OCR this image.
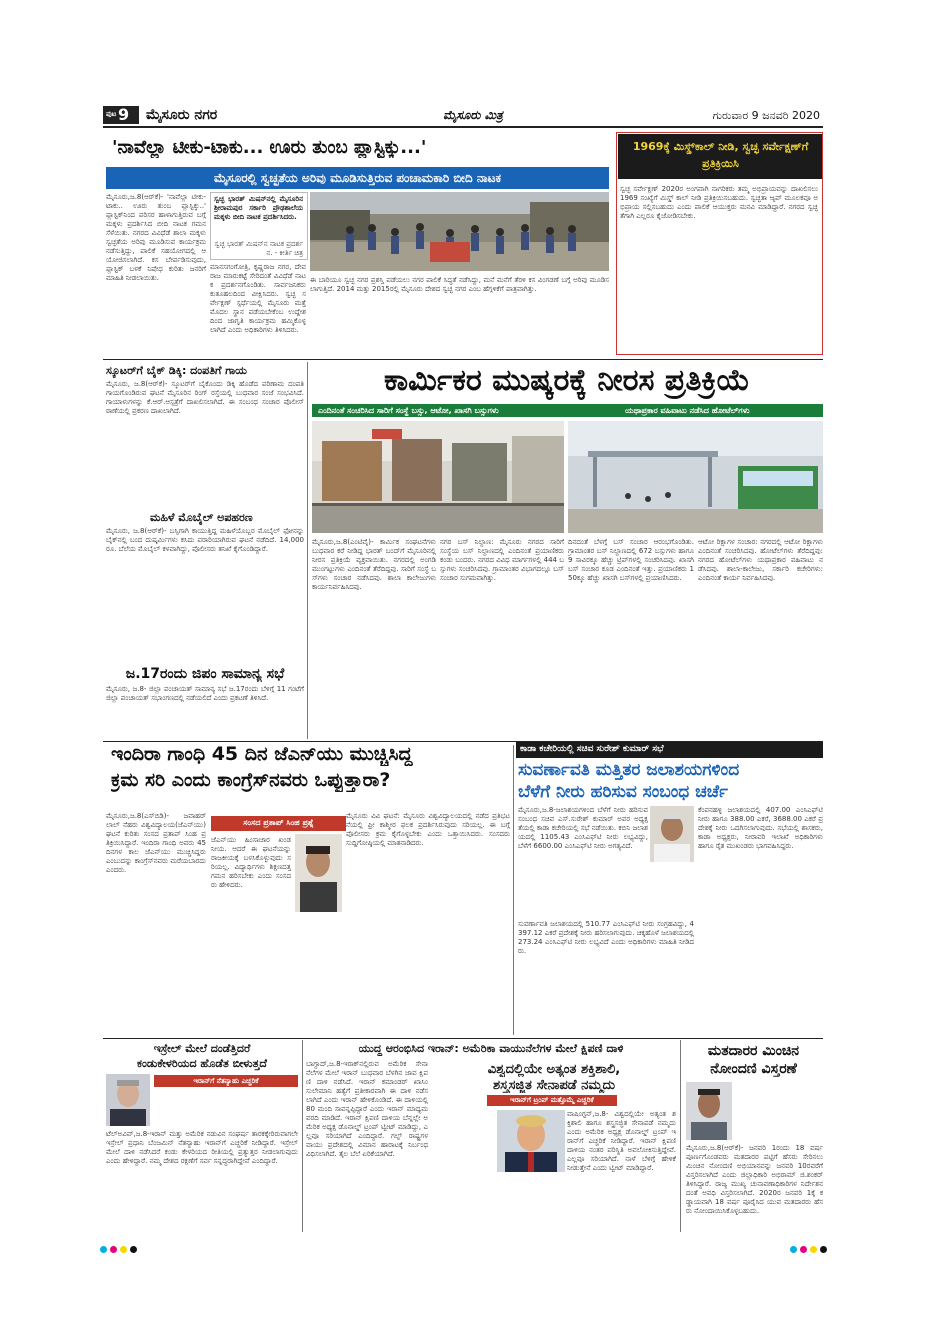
ಪುಟ 9 ಮೈಸೂರು ನಗರ	ಮೈಸೂರು ಮಿತ್ರ	ಗುರುವಾರ 9 ಜನವರಿ 2020
'ನಾವೆಲ್ಲಾ ಟೀಕು-ಟಾಕು... ಊರು ತುಂಬ ಪ್ಲಾಸ್ಟಿಕ್ಕು...'
ಮೈಸೂರಲ್ಲಿ ಸ್ವಚ್ಛತೆಯ ಅರಿವು ಮೂಡಿಸುತ್ತಿರುವ ಪಂಚಾಮಕಾರಿ ಬೀದಿ ನಾಟಕ
ಮೈಸೂರು,ಜ.8(ಆರ್‌ಕೆ)- 'ನಾವೆಲ್ಲಾ ಟೀಕು-ಟಾಕು.. ಊರು ತುಂಬ ಪ್ಲಾಸ್ಟಿಕ್ಕು..' ಪ್ಲಾಸ್ಟಿಕ್‌ನಿಂದ ಪರಿಸರ ಹಾಳಾಗುತ್ತಿರುವ ಬಗ್ಗೆ ಮಕ್ಕಳು ಪ್ರದರ್ಶಿಸಿದ ಬೀದಿ ನಾಟಕ ಗಮನ ಸೆಳೆಯಿತು. ನಗರದ ವಿವಿಧೆಡೆ ಶಾಲಾ ಮಕ್ಕಳು ಸ್ವಚ್ಛತೆಯ ಅರಿವು ಮೂಡಿಸುವ ಕಾರ್ಯಕ್ರಮ ನಡೆಸುತ್ತಿದ್ದು, ಪಾಲಿಕೆ ಸಹಯೋಗದಲ್ಲಿ ಆಯೋಜಿಸಲಾಗಿದೆ. ಕಸ ಬೇರ್ಪಡಿಸುವುದು, ಪ್ಲಾಸ್ಟಿಕ್ ಬಳಕೆ ನಿಷೇಧ ಕುರಿತು ಜನರಿಗೆ ಮಾಹಿತಿ ನೀಡಲಾಯಿತು.
ಸ್ವಚ್ಛ ಭಾರತ್ ಮಿಷನ್‌ನಲ್ಲಿ ಮೈಸೂರಿನ ಶ್ರೀರಾಮಪುರ ಸರ್ಕಾರಿ ಪ್ರೌಢಶಾಲೆಯ ಮಕ್ಕಳು ಬೀದಿ ನಾಟಕ ಪ್ರದರ್ಶಿಸಿದರು.
ಸ್ವಚ್ಛ ಭಾರತ್ ಮಿಷನ್‌ನ ನಾಟಕ ಪ್ರದರ್ಶನ. - ಕೀರ್ತಿ ಚಿತ್ರ
ಮಾನಸಗಂಗೋತ್ರಿ, ಕೃಷ್ಣರಾಜ ನಗರ, ದೇವರಾಜ ಮಾರುಕಟ್ಟೆ ಸೇರಿದಂತೆ ವಿವಿಧೆಡೆ ನಾಟಕ ಪ್ರದರ್ಶನಗೊಂಡಿತು. ಸಾರ್ವಜನಿಕರು ಕುತೂಹಲದಿಂದ ವೀಕ್ಷಿಸಿದರು. ಸ್ವಚ್ಛ ಸರ್ವೇಕ್ಷಣ್ ಸ್ಪರ್ಧೆಯಲ್ಲಿ ಮೈಸೂರು ಮತ್ತೆ ಮೊದಲ ಸ್ಥಾನ ಪಡೆಯಬೇಕೆಂಬ ಉದ್ದೇಶದಿಂದ ಜಾಗೃತಿ ಕಾರ್ಯಕ್ರಮ ಹಮ್ಮಿಕೊಳ್ಳಲಾಗಿದೆ ಎಂದು ಅಧಿಕಾರಿಗಳು ತಿಳಿಸಿದರು.
ಈ ಬಾರಿಯೂ ಸ್ವಚ್ಛ ನಗರ ಪ್ರಶಸ್ತಿ ಪಡೆಯಲು ನಗರ ಪಾಲಿಕೆ ಸಿದ್ಧತೆ ನಡೆಸಿದ್ದು, ಮನೆ ಮನೆಗೆ ತೆರಳಿ ಕಸ ವಿಂಗಡಣೆ ಬಗ್ಗೆ ಅರಿವು ಮೂಡಿಸಲಾಗುತ್ತಿದೆ. 2014 ಮತ್ತು 2015ರಲ್ಲಿ ಮೈಸೂರು ದೇಶದ ಸ್ವಚ್ಛ ನಗರ ಎಂಬ ಹೆಗ್ಗಳಿಕೆಗೆ ಪಾತ್ರವಾಗಿತ್ತು.
1969ಕ್ಕೆ ಮಿಸ್ಡ್‌ಕಾಲ್ ನೀಡಿ, ಸ್ವಚ್ಛ ಸರ್ವೇಕ್ಷಣ್‌ಗೆ ಪ್ರತಿಕ್ರಿಯಿಸಿ
ಸ್ವಚ್ಛ ಸರ್ವೇಕ್ಷಣ್ 2020ರ ಅಂಗವಾಗಿ ನಾಗರಿಕರು ತಮ್ಮ ಅಭಿಪ್ರಾಯವನ್ನು ದಾಖಲಿಸಲು 1969 ಸಂಖ್ಯೆಗೆ ಮಿಸ್ಡ್ ಕಾಲ್ ನೀಡಿ ಪ್ರತಿಕ್ರಿಯಿಸಬಹುದು. ಸ್ವಚ್ಛತಾ ಆ್ಯಪ್ ಮೂಲಕವೂ ಅಭಿಪ್ರಾಯ ಸಲ್ಲಿಸಬಹುದು ಎಂದು ಪಾಲಿಕೆ ಆಯುಕ್ತರು ಮನವಿ ಮಾಡಿದ್ದಾರೆ. ನಗರದ ಸ್ವಚ್ಛತೆಗಾಗಿ ಎಲ್ಲರೂ ಕೈಜೋಡಿಸಬೇಕು.
ಸ್ಕೂಟರ್‌ಗೆ ಬೈಕ್ ಡಿಕ್ಕಿ: ದಂಪತಿಗೆ ಗಾಯ
ಮೈಸೂರು, ಜ.8(ಆರ್‌ಕೆ)- ಸ್ಕೂಟರ್‌ಗೆ ಬೈಕೊಂದು ಡಿಕ್ಕಿ ಹೊಡೆದ ಪರಿಣಾಮ ದಂಪತಿ ಗಾಯಗೊಂಡಿರುವ ಘಟನೆ ಮೈಸೂರಿನ ರಿಂಗ್ ರಸ್ತೆಯಲ್ಲಿ ಬುಧವಾರ ಸಂಜೆ ಸಂಭವಿಸಿದೆ. ಗಾಯಾಳುಗಳನ್ನು ಕೆ.ಆರ್.ಆಸ್ಪತ್ರೆಗೆ ದಾಖಲಿಸಲಾಗಿದೆ. ಈ ಸಂಬಂಧ ಸಂಚಾರ ಪೊಲೀಸ್ ಠಾಣೆಯಲ್ಲಿ ಪ್ರಕರಣ ದಾಖಲಾಗಿದೆ.
ಮಹಿಳೆ ಮೊಬೈಲ್ ಅಪಹರಣ
ಮೈಸೂರು, ಜ.8(ಆರ್‌ಕೆ)- ಬಸ್ಸಿಗಾಗಿ ಕಾಯುತ್ತಿದ್ದ ಮಹಿಳೆಯೊಬ್ಬರ ಮೊಬೈಲ್ ಫೋನನ್ನು ಬೈಕ್‌ನಲ್ಲಿ ಬಂದ ದುಷ್ಕರ್ಮಿಗಳು ಕಸಿದು ಪರಾರಿಯಾಗಿರುವ ಘಟನೆ ನಡೆದಿದೆ. 14,000 ರೂ. ಬೆಲೆಯ ಮೊಬೈಲ್ ಕಳವಾಗಿದ್ದು, ಪೊಲೀಸರು ತನಿಖೆ ಕೈಗೊಂಡಿದ್ದಾರೆ.
ಜ.17ರಂದು ಜಿಪಂ ಸಾಮಾನ್ಯ ಸಭೆ
ಮೈಸೂರು, ಜ.8- ಜಿಲ್ಲಾ ಪಂಚಾಯತ್ ಸಾಮಾನ್ಯ ಸಭೆ ಜ.17ರಂದು ಬೆಳಿಗ್ಗೆ 11 ಗಂಟೆಗೆ ಜಿಲ್ಲಾ ಪಂಚಾಯತ್ ಸಭಾಂಗಣದಲ್ಲಿ ನಡೆಯಲಿದೆ ಎಂದು ಪ್ರಕಟಣೆ ತಿಳಿಸಿದೆ.
ಕಾರ್ಮಿಕರ ಮುಷ್ಕರಕ್ಕೆ ನೀರಸ ಪ್ರತಿಕ್ರಿಯೆ
ಎಂದಿನಂತೆ ಸಂಚರಿಸಿದ ಸಾರಿಗೆ ಸಂಸ್ಥೆ ಬಸ್ಸು, ಆಟೋ, ಖಾಸಗಿ ಬಸ್ಸುಗಳು	ಯಥಾಪ್ರಕಾರ ವಹಿವಾಟು ನಡೆಸಿದ ಹೋಟೆಲ್‌ಗಳು
ಮೈಸೂರು,ಜ.8(ಎಂಟಿವೈ)- ಕಾರ್ಮಿಕ ಸಂಘಟನೆಗಳು ಬುಧವಾರ ಕರೆ ನೀಡಿದ್ದ ಭಾರತ್ ಬಂದ್‌ಗೆ ಮೈಸೂರಿನಲ್ಲಿ ನೀರಸ ಪ್ರತಿಕ್ರಿಯೆ ವ್ಯಕ್ತವಾಯಿತು. ನಗರದಲ್ಲಿ ಅಂಗಡಿ ಮುಂಗಟ್ಟುಗಳು ಎಂದಿನಂತೆ ತೆರೆದಿದ್ದವು. ಸಾರಿಗೆ ಸಂಸ್ಥೆ ಬಸ್‌ಗಳು ಸಂಚಾರ ನಡೆಸಿದವು. ಶಾಲಾ ಕಾಲೇಜುಗಳು ಕಾರ್ಯನಿರ್ವಹಿಸಿದವು.
ನಗರ ಬಸ್ ನಿಲ್ದಾಣ: ಮೈಸೂರು ನಗರದ ಸಾರಿಗೆ ಸಂಸ್ಥೆಯ ಬಸ್ ನಿಲ್ದಾಣದಲ್ಲಿ ಎಂದಿನಂತೆ ಪ್ರಯಾಣಿಕರು ಕಂಡು ಬಂದರು. ನಗರದ ವಿವಿಧ ಮಾರ್ಗಗಳಲ್ಲಿ 444 ಬಸ್ಸುಗಳು ಸಂಚರಿಸಿದವು. ಗ್ರಾಮಾಂತರ ವಿಭಾಗದಲ್ಲೂ ಬಸ್ ಸಂಚಾರ ಸುಗಮವಾಗಿತ್ತು.
ದಿನದಂತೆ ಬೆಳಗ್ಗೆ ಬಸ್ ಸಂಚಾರ ಆರಂಭಗೊಂಡಿತು. ಗ್ರಾಮಾಂತರ ಬಸ್ ನಿಲ್ದಾಣದಲ್ಲಿ 672 ಬಸ್ಸುಗಳು ಹಾಗೂ 9 ಸಾವಿರಕ್ಕೂ ಹೆಚ್ಚು ಟ್ರಿಪ್‌ಗಳಲ್ಲಿ ಸಂಚರಿಸಿದವು. ಖಾಸಗಿ ಬಸ್ ಸಂಚಾರ ಕೂಡ ಎಂದಿನಂತೆ ಇತ್ತು. ಪ್ರಯಾಣಿಕರು 150ಕ್ಕೂ ಹೆಚ್ಚು ಖಾಸಗಿ ಬಸ್‌ಗಳಲ್ಲಿ ಪ್ರಯಾಣಿಸಿದರು.
ಆಟೋ ರಿಕ್ಷಾಗಳ ಸಂಚಾರ: ನಗರದಲ್ಲಿ ಆಟೋ ರಿಕ್ಷಾಗಳು ಎಂದಿನಂತೆ ಸಂಚರಿಸಿದವು. ಹೋಟೆಲ್‌ಗಳು ತೆರೆದಿದ್ದವು: ನಗರದ ಹೋಟೆಲ್‌ಗಳು ಯಥಾಪ್ರಕಾರ ವಹಿವಾಟು ನಡೆಸಿದವು. ಶಾಲಾ-ಕಾಲೇಜು, ಸರ್ಕಾರಿ ಕಚೇರಿಗಳು: ಎಂದಿನಂತೆ ಕಾರ್ಯ ನಿರ್ವಹಿಸಿದವು.
ಇಂದಿರಾ ಗಾಂಧಿ 45 ದಿನ ಜೆಎನ್‌ಯು ಮುಚ್ಚಿಸಿದ್ದ
ಕ್ರಮ ಸರಿ ಎಂದು ಕಾಂಗ್ರೆಸ್‌ನವರು ಒಪ್ಪುತ್ತಾರಾ?
ಸಂಸದ ಪ್ರತಾಪ್ ಸಿಂಹ ಪ್ರಶ್ನೆ
ಮೈಸೂರು,ಜ.8(ಎಸ್‌ಬಿಡಿ)- ಜವಾಹರ್ ಲಾಲ್ ನೆಹರು ವಿಶ್ವವಿದ್ಯಾಲಯ(ಜೆಎನ್‌ಯು) ಘಟನೆ ಕುರಿತು ಸಂಸದ ಪ್ರತಾಪ್ ಸಿಂಹ ಪ್ರತಿಕ್ರಿಯಿಸಿದ್ದಾರೆ. ಇಂದಿರಾ ಗಾಂಧಿ ಅವರು 45 ದಿನಗಳ ಕಾಲ ಜೆಎನ್‌ಯು ಮುಚ್ಚಿಸಿದ್ದರು ಎಂಬುದನ್ನು ಕಾಂಗ್ರೆಸ್‌ನವರು ಮರೆಯಬಾರದು ಎಂದರು.
ಜೆಎನ್‌ಯು ಹಿಂಸಾಚಾರ ಖಂಡನೀಯ. ಆದರೆ ಈ ಘಟನೆಯನ್ನು ರಾಜಕೀಯಕ್ಕೆ ಬಳಸಿಕೊಳ್ಳುವುದು ಸರಿಯಲ್ಲ. ವಿದ್ಯಾರ್ಥಿಗಳು ಶಿಕ್ಷಣದತ್ತ ಗಮನ ಹರಿಸಬೇಕು ಎಂದು ಸಂಸದರು ಹೇಳಿದರು.
ಮೈಸೂರು ವಿವಿ ಘಟನೆ: ಮೈಸೂರು ವಿಶ್ವವಿದ್ಯಾಲಯದಲ್ಲಿ ನಡೆದ ಪ್ರತಿಭಟನೆಯಲ್ಲಿ ಫ್ರೀ ಕಾಶ್ಮೀರ ಫಲಕ ಪ್ರದರ್ಶಿಸಿರುವುದು ಸರಿಯಲ್ಲ. ಈ ಬಗ್ಗೆ ಪೊಲೀಸರು ಕ್ರಮ ಕೈಗೊಳ್ಳಬೇಕು ಎಂದು ಒತ್ತಾಯಿಸಿದರು. ಸಂಸದರು ಸುದ್ದಿಗೋಷ್ಠಿಯಲ್ಲಿ ಮಾತನಾಡಿದರು.
ಕಾಡಾ ಕಚೇರಿಯಲ್ಲಿ ಸಚಿವ ಸುರೇಶ್ ಕುಮಾರ್ ಸಭೆ
ಸುವರ್ಣಾವತಿ ಮತ್ತಿತರ ಜಲಾಶಯಗಳಿಂದ
ಬೆಳೆಗೆ ನೀರು ಹರಿಸುವ ಸಂಬಂಧ ಚರ್ಚೆ
ಮೈಸೂರು,ಜ.8-ಜಲಾಶಯಗಳಿಂದ ಬೆಳೆಗೆ ನೀರು ಹರಿಸುವ ಸಂಬಂಧ ಸಚಿವ ಎಸ್.ಸುರೇಶ್ ಕುಮಾರ್ ಅವರ ಅಧ್ಯಕ್ಷತೆಯಲ್ಲಿ ಕಾಡಾ ಕಚೇರಿಯಲ್ಲಿ ಸಭೆ ನಡೆಯಿತು. ಕಬಿನಿ ಜಲಾಶಯದಲ್ಲಿ 1105.43 ಎಂಸಿಎಫ್‌ಟಿ ನೀರು ಲಭ್ಯವಿದ್ದು, ಬೆಳೆಗೆ 6600.00 ಎಂಸಿಎಫ್‌ಟಿ ನೀರು ಅಗತ್ಯವಿದೆ.
ಸುವರ್ಣಾವತಿ ಜಲಾಶಯದಲ್ಲಿ 510.77 ಎಂಸಿಎಫ್‌ಟಿ ನೀರು ಸಂಗ್ರಹವಿದ್ದು, 4397.12 ಎಕರೆ ಪ್ರದೇಶಕ್ಕೆ ನೀರು ಹರಿಸಲಾಗುವುದು. ಚಿಕ್ಕಹೊಳೆ ಜಲಾಶಯದಲ್ಲಿ 273.24 ಎಂಸಿಎಫ್‌ಟಿ ನೀರು ಲಭ್ಯವಿದೆ ಎಂದು ಅಧಿಕಾರಿಗಳು ಮಾಹಿತಿ ನೀಡಿದರು.
ಕೆಂಪನಹಳ್ಳಿ ಜಲಾಶಯದಲ್ಲಿ 407.00 ಎಂಸಿಎಫ್‌ಟಿ ನೀರು ಹಾಗೂ 388.00 ಎಕರೆ, 3688.00 ಎಕರೆ ಪ್ರದೇಶಕ್ಕೆ ನೀರು ಒದಗಿಸಲಾಗುವುದು. ಸಭೆಯಲ್ಲಿ ಶಾಸಕರು, ಕಾಡಾ ಅಧ್ಯಕ್ಷರು, ನೀರಾವರಿ ಇಲಾಖೆ ಅಧಿಕಾರಿಗಳು ಹಾಗೂ ರೈತ ಮುಖಂಡರು ಭಾಗವಹಿಸಿದ್ದರು.
ಇಸ್ರೇಲ್ ಮೇಲೆ ದಂಡೆತ್ತಿದರೆ
ಕಂಡುಕೇಳರಿಯದ ಹೊಡೆತ ಬೀಳುತ್ತದೆ
ಇರಾನ್‌ಗೆ ನೆತನ್ಯಾಹು ಎಚ್ಚರಿಕೆ
ಟೆಲ್‌ಅವಿವ್,ಜ.8-ಇರಾನ್ ಮತ್ತು ಅಮೆರಿಕ ನಡುವಿನ ಸಂಘರ್ಷ ತಾರಕಕ್ಕೇರಿರುವಾಗಲೇ ಇಸ್ರೇಲ್ ಪ್ರಧಾನಿ ಬೆಂಜಮಿನ್ ನೆತನ್ಯಾಹು ಇರಾನ್‌ಗೆ ಎಚ್ಚರಿಕೆ ನೀಡಿದ್ದಾರೆ. ಇಸ್ರೇಲ್ ಮೇಲೆ ದಾಳಿ ನಡೆಸಿದರೆ ಕಂಡು ಕೇಳರಿಯದ ರೀತಿಯಲ್ಲಿ ಪ್ರತ್ಯುತ್ತರ ನೀಡಲಾಗುವುದು ಎಂದು ಹೇಳಿದ್ದಾರೆ. ನಮ್ಮ ದೇಶದ ರಕ್ಷಣೆಗೆ ಸರ್ವ ಸನ್ನದ್ಧರಾಗಿದ್ದೇವೆ ಎಂದಿದ್ದಾರೆ.
ಯುದ್ಧ ಆರಂಭಿಸಿದ ಇರಾನ್: ಅಮೆರಿಕಾ ವಾಯುನೆಲೆಗಳ ಮೇಲೆ ಕ್ಷಿಪಣಿ ದಾಳಿ
ಬಾಗ್ದಾದ್,ಜ.8-ಇರಾಕ್‌ನಲ್ಲಿರುವ ಅಮೆರಿಕ ಸೇನಾ ನೆಲೆಗಳ ಮೇಲೆ ಇರಾನ್ ಬುಧವಾರ ಬೆಳಗಿನ ಜಾವ ಕ್ಷಿಪಣಿ ದಾಳಿ ನಡೆಸಿದೆ. ಇರಾನ್ ಕಮಾಂಡರ್ ಖಾಸಿಂ ಸುಲೇಮಾನಿ ಹತ್ಯೆಗೆ ಪ್ರತೀಕಾರವಾಗಿ ಈ ದಾಳಿ ನಡೆಸಲಾಗಿದೆ ಎಂದು ಇರಾನ್ ಹೇಳಿಕೊಂಡಿದೆ. ಈ ದಾಳಿಯಲ್ಲಿ 80 ಮಂದಿ ಸಾವನ್ನಪ್ಪಿದ್ದಾರೆ ಎಂದು ಇರಾನ್ ಮಾಧ್ಯಮ ವರದಿ ಮಾಡಿದೆ. ಇರಾನ್ ಕ್ಷಿಪಣಿ ದಾಳಿಯ ಬೆನ್ನಲ್ಲೇ ಅಮೆರಿಕ ಅಧ್ಯಕ್ಷ ಡೊನಾಲ್ಡ್ ಟ್ರಂಪ್ ಟ್ವೀಟ್ ಮಾಡಿದ್ದು, ಎಲ್ಲವೂ ಸರಿಯಾಗಿದೆ ಎಂದಿದ್ದಾರೆ. ಗಲ್ಫ್ ರಾಷ್ಟ್ರಗಳ ವಾಯು ಪ್ರದೇಶದಲ್ಲಿ ವಿಮಾನ ಹಾರಾಟಕ್ಕೆ ನಿರ್ಬಂಧ ವಿಧಿಸಲಾಗಿದೆ. ತೈಲ ಬೆಲೆ ಏರಿಕೆಯಾಗಿದೆ.
ವಿಶ್ವದಲ್ಲಿಯೇ ಅತ್ಯಂತ ಶಕ್ತಿಶಾಲಿ,
ಶಸ್ತ್ರಸಜ್ಜಿತ ಸೇನಾಪಡೆ ನಮ್ಮದು
ಇರಾನ್‌ಗೆ ಟ್ರಂಪ್ ಮತ್ತೊಮ್ಮೆ ಎಚ್ಚರಿಕೆ
ವಾಷಿಂಗ್ಟನ್,ಜ.8- ವಿಶ್ವದಲ್ಲಿಯೇ ಅತ್ಯಂತ ಶಕ್ತಿಶಾಲಿ ಹಾಗೂ ಶಸ್ತ್ರಸಜ್ಜಿತ ಸೇನಾಪಡೆ ನಮ್ಮದು ಎಂದು ಅಮೆರಿಕ ಅಧ್ಯಕ್ಷ ಡೊನಾಲ್ಡ್ ಟ್ರಂಪ್ ಇರಾನ್‌ಗೆ ಎಚ್ಚರಿಕೆ ನೀಡಿದ್ದಾರೆ. ಇರಾನ್ ಕ್ಷಿಪಣಿ ದಾಳಿಯ ನಂತರ ಪರಿಸ್ಥಿತಿ ಅವಲೋಕಿಸುತ್ತಿದ್ದೇವೆ. ಎಲ್ಲವೂ ಸರಿಯಾಗಿದೆ. ನಾಳೆ ಬೆಳಿಗ್ಗೆ ಹೇಳಿಕೆ ನೀಡುತ್ತೇನೆ ಎಂದು ಟ್ವೀಟ್ ಮಾಡಿದ್ದಾರೆ.
ಮತದಾರರ ಮಿಂಚಿನ
ನೋಂದಣಿ ವಿಸ್ತರಣೆ
ಮೈಸೂರು,ಜ.8(ಆರ್‌ಕೆ)- ಜನವರಿ 1ರಂದು 18 ವರ್ಷ ಪೂರ್ಣಗೊಂಡವರು ಮತದಾರರ ಪಟ್ಟಿಗೆ ಹೆಸರು ಸೇರಿಸಲು ಮಿಂಚಿನ ನೋಂದಣಿ ಅಭಿಯಾನವನ್ನು ಜನವರಿ 10ರವರೆಗೆ ವಿಸ್ತರಿಸಲಾಗಿದೆ ಎಂದು ಜಿಲ್ಲಾಧಿಕಾರಿ ಅಭಿರಾಮ್ ಜಿ.ಶಂಕರ್ ತಿಳಿಸಿದ್ದಾರೆ. ರಾಜ್ಯ ಮುಖ್ಯ ಚುನಾವಣಾಧಿಕಾರಿಗಳ ನಿರ್ದೇಶನದಂತೆ ಅವಧಿ ವಿಸ್ತರಿಸಲಾಗಿದೆ. 2020ರ ಜನವರಿ 1ಕ್ಕೆ ಕಡ್ಡಾಯವಾಗಿ 18 ವರ್ಷ ಪೂರೈಸಿದ ಯುವ ಮತದಾರರು ಹೆಸರು ನೋಂದಾಯಿಸಿಕೊಳ್ಳಬಹುದು.
